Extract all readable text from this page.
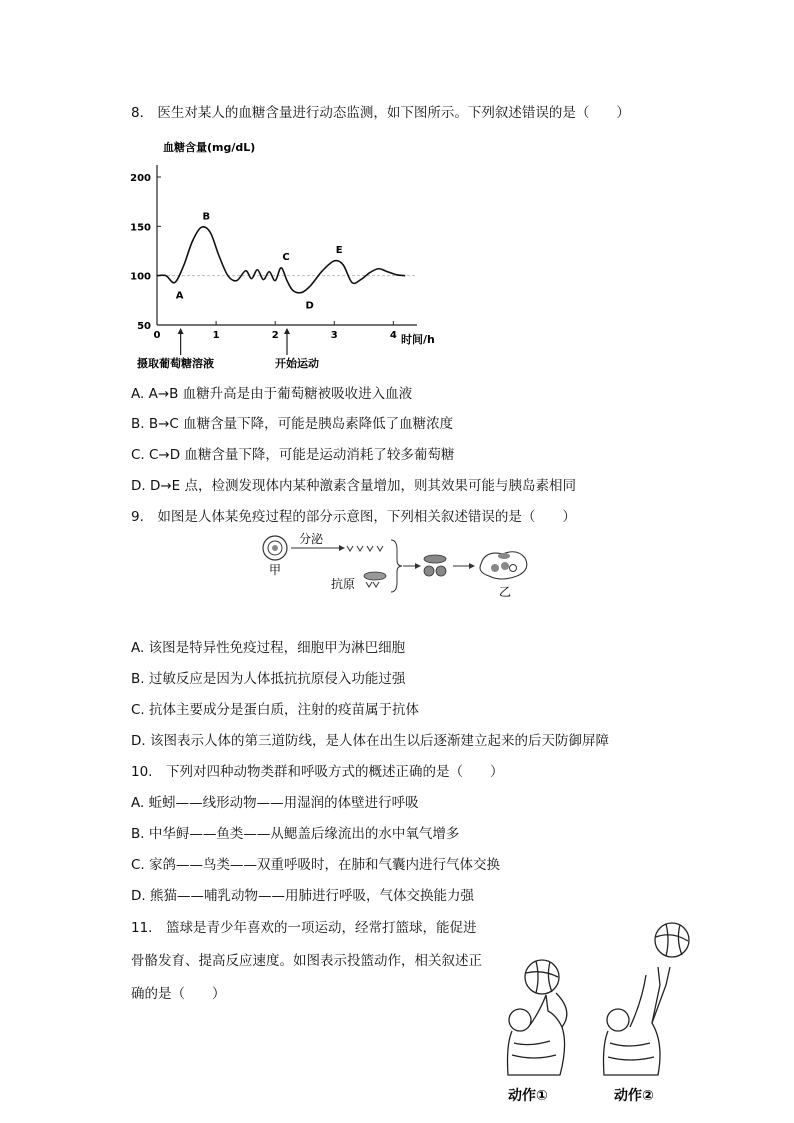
8.　医生对某人的血糖含量进行动态监测，如下图所示。下列叙述错误的是（　　）
血糖含量(mg/dL)
时间/h
50
100
150
200
0	1	2	3	4
A
B
C
D
E
摄取葡萄糖溶液	开始运动
A. A→B 血糖升高是由于葡萄糖被吸收进入血液
B. B→C 血糖含量下降，可能是胰岛素降低了血糖浓度
C. C→D 血糖含量下降，可能是运动消耗了较多葡萄糖
D. D→E 点，检测发现体内某种激素含量增加，则其效果可能与胰岛素相同
9.　如图是人体某免疫过程的部分示意图，下列相关叙述错误的是（　　）
甲
分泌
抗原
乙
A. 该图是特异性免疫过程，细胞甲为淋巴细胞
B. 过敏反应是因为人体抵抗抗原侵入功能过强
C. 抗体主要成分是蛋白质，注射的疫苗属于抗体
D. 该图表示人体的第三道防线，是人体在出生以后逐渐建立起来的后天防御屏障
10.　下列对四种动物类群和呼吸方式的概述正确的是（　　）
A. 蚯蚓——线形动物——用湿润的体壁进行呼吸
B. 中华鲟——鱼类——从鳃盖后缘流出的水中氧气增多
C. 家鸽——鸟类——双重呼吸时，在肺和气囊内进行气体交换
D. 熊猫——哺乳动物——用肺进行呼吸，气体交换能力强
11.　篮球是青少年喜欢的一项运动，经常打篮球，能促进
骨骼发育、提高反应速度。如图表示投篮动作，相关叙述正
确的是（　　）
动作①	动作②
